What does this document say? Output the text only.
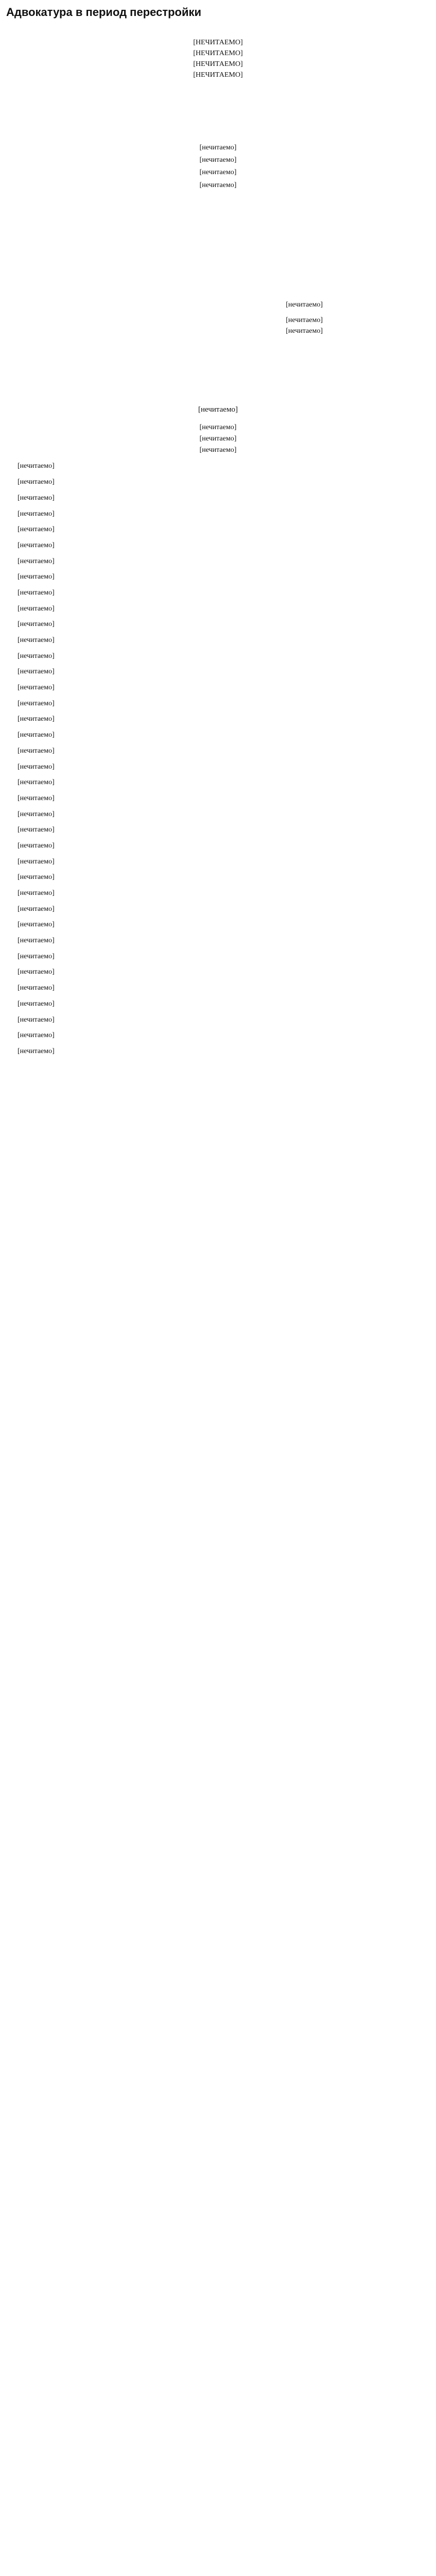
Адвокатура в период перестройки
[НЕЧИТАЕМО]
[НЕЧИТАЕМО]
[НЕЧИТАЕМО]
[НЕЧИТАЕМО]
[нечитаемо]
[нечитаемо]
[нечитаемо]
[нечитаемо]
[нечитаемо]
[нечитаемо]
[нечитаемо]
[нечитаемо]
[нечитаемо]
[нечитаемо]
[нечитаемо]

[нечитаемо]

[нечитаемо]

[нечитаемо]

[нечитаемо]

[нечитаемо]

[нечитаемо]

[нечитаемо]

[нечитаемо]

[нечитаемо]

[нечитаемо]

[нечитаемо]

[нечитаемо]

[нечитаемо]

[нечитаемо]

[нечитаемо]

[нечитаемо]

[нечитаемо]

[нечитаемо]

[нечитаемо]

[нечитаемо]

[нечитаемо]

[нечитаемо]

[нечитаемо]

[нечитаемо]

[нечитаемо]

[нечитаемо]

[нечитаемо]

[нечитаемо]

[нечитаемо]

[нечитаемо]

[нечитаемо]

[нечитаемо]

[нечитаемо]

[нечитаемо]

[нечитаемо]

[нечитаемо]

[нечитаемо]

[нечитаемо]
